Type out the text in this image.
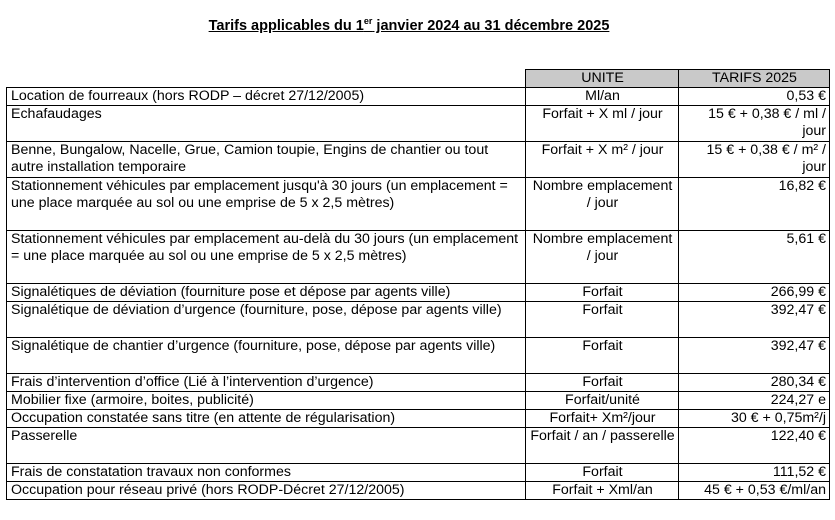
Tarifs applicables du 1er janvier 2024 au 31 décembre 2025
	UNITE	TARIFS 2025
Location de fourreaux (hors RODP – décret 27/12/2005)	Ml/an	0,53 €
Echafaudages	Forfait + X ml / jour	15 € + 0,38 € / ml / jour
Benne, Bungalow, Nacelle, Grue, Camion toupie, Engins de chantier ou tout autre installation temporaire	Forfait + X m² / jour	15 € + 0,38 € / m² / jour
Stationnement véhicules par emplacement jusqu'à 30 jours (un emplacement = une place marquée au sol ou une emprise de 5 x 2,5 mètres)	Nombre emplacement / jour	16,82 €
Stationnement véhicules par emplacement au-delà du 30 jours (un emplacement = une place marquée au sol ou une emprise de 5 x 2,5 mètres)	Nombre emplacement / jour	5,61 €
Signalétiques de déviation (fourniture pose et dépose par agents ville)	Forfait	266,99 €
Signalétique de déviation d’urgence (fourniture, pose, dépose par agents ville)	Forfait	392,47 €
Signalétique de chantier d’urgence (fourniture, pose, dépose par agents ville)	Forfait	392,47 €
Frais d’intervention d’office (Lié à l’intervention d’urgence)	Forfait	280,34 €
Mobilier fixe (armoire, boites, publicité)	Forfait/unité	224,27 e
Occupation constatée sans titre (en attente de régularisation)	Forfait+ Xm²/jour	30 € + 0,75m²/j
Passerelle	Forfait / an / passerelle	122,40 €
Frais de constatation travaux non conformes	Forfait	111,52 €
Occupation pour réseau privé (hors RODP-Décret 27/12/2005)	Forfait + Xml/an	45 € + 0,53 €/ml/an
